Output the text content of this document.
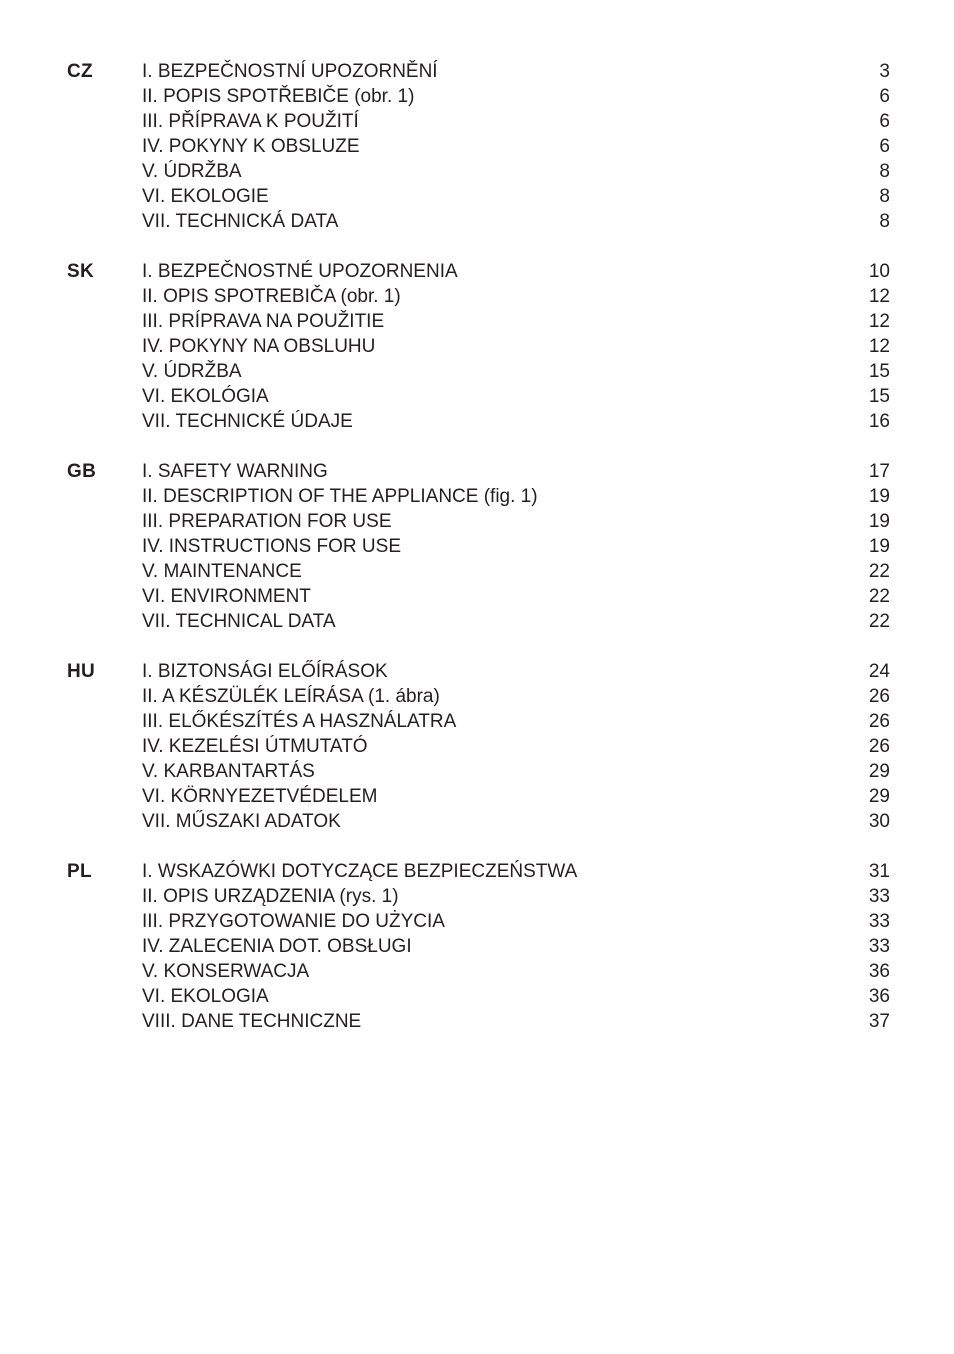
CZ	I. BEZPEČNOSTNÍ UPOZORNĚNÍ	3
II. POPIS SPOTŘEBIČE (obr. 1)	6
III. PŘÍPRAVA K POUŽITÍ	6
IV. POKYNY K OBSLUZE	6
V. ÚDRŽBA	8
VI. EKOLOGIE	8
VII. TECHNICKÁ DATA	8
SK	I. BEZPEČNOSTNÉ UPOZORNENIA	10
II. OPIS SPOTREBIČA (obr. 1)	12
III. PRÍPRAVA NA POUŽITIE	12
IV. POKYNY NA OBSLUHU	12
V. ÚDRŽBA	15
VI. EKOLÓGIA	15
VII. TECHNICKÉ ÚDAJE	16
GB I. SAFETY WARNING	17
II. DESCRIPTION OF THE APPLIANCE (fig. 1)	19
III. PREPARATION FOR USE	19
IV. INSTRUCTIONS FOR USE	19
V. MAINTENANCE	22
VI. ENVIRONMENT	22
VII. TECHNICAL DATA	22
HU I. BIZTONSÁGI ELŐÍRÁSOK	24
II. A KÉSZÜLÉK LEÍRÁSA (1. ábra)	26
III. ELŐKÉSZÍTÉS A HASZNÁLATRA	26
IV. KEZELÉSI ÚTMUTATÓ	26
V. KARBANTARTÁS	29
VI. KÖRNYEZETVÉDELEM	29
VII. MŰSZAKI ADATOK	30
PL	I. WSKAZÓWKI DOTYCZĄCE BEZPIECZEŃSTWA	31
II. OPIS URZĄDZENIA (rys. 1)	33
III. PRZYGOTOWANIE DO UŻYCIA	33
IV. ZALECENIA DOT. OBSŁUGI	33
V. KONSERWACJA	36
VI. EKOLOGIA	36
VIII. DANE TECHNICZNE	37
